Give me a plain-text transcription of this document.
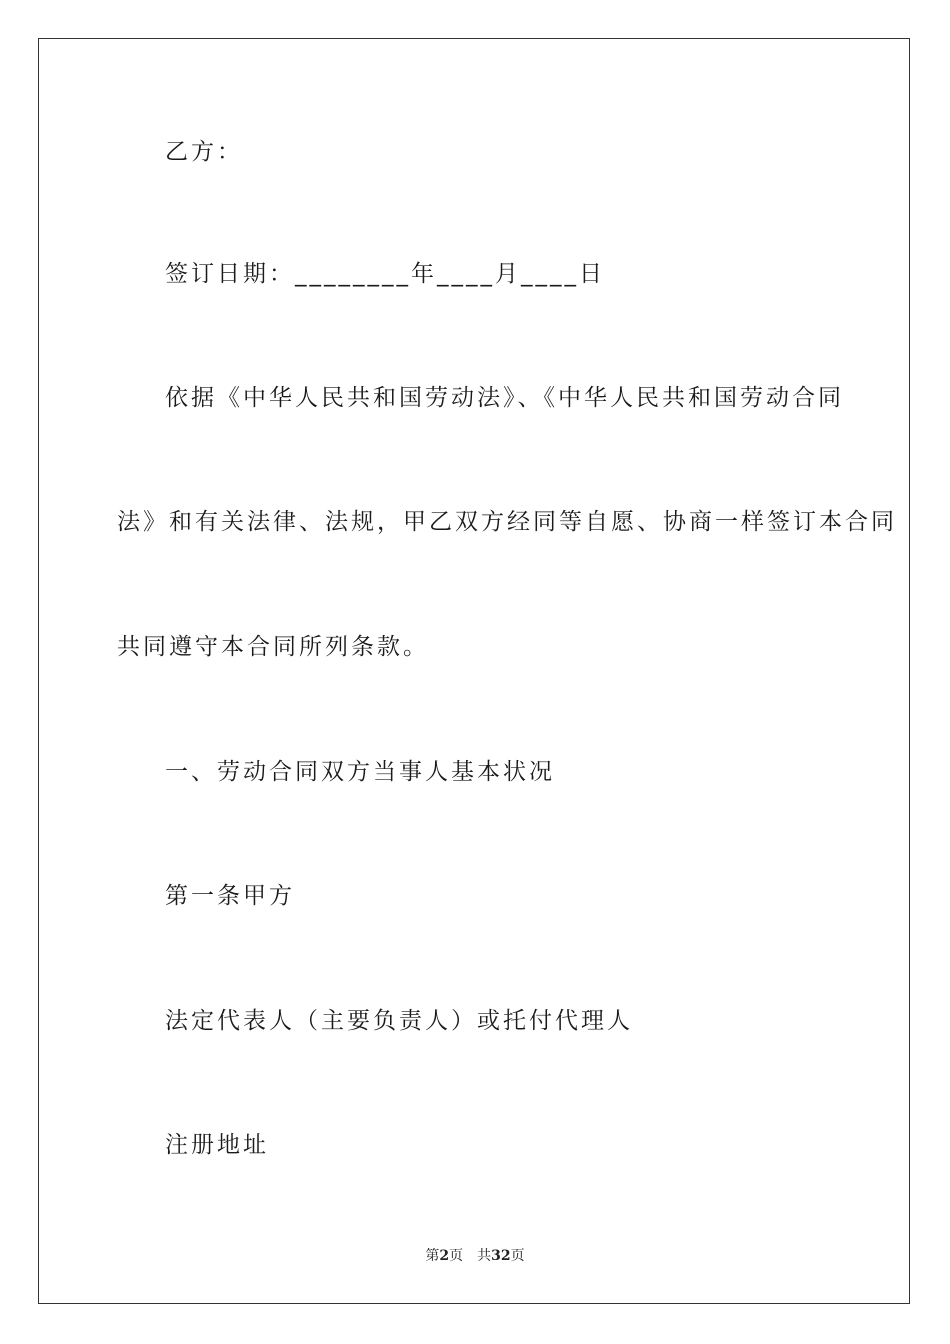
乙方：
签订日期：________年____月____日
依据《中华人民共和国劳动法》、《中华人民共和国劳动合同
法》和有关法律、法规，甲乙双方经同等自愿、协商一样签订本合同
共同遵守本合同所列条款。
一、劳动合同双方当事人基本状况
第一条甲方
法定代表人（主要负责人）或托付代理人
注册地址
第2页　共32页
